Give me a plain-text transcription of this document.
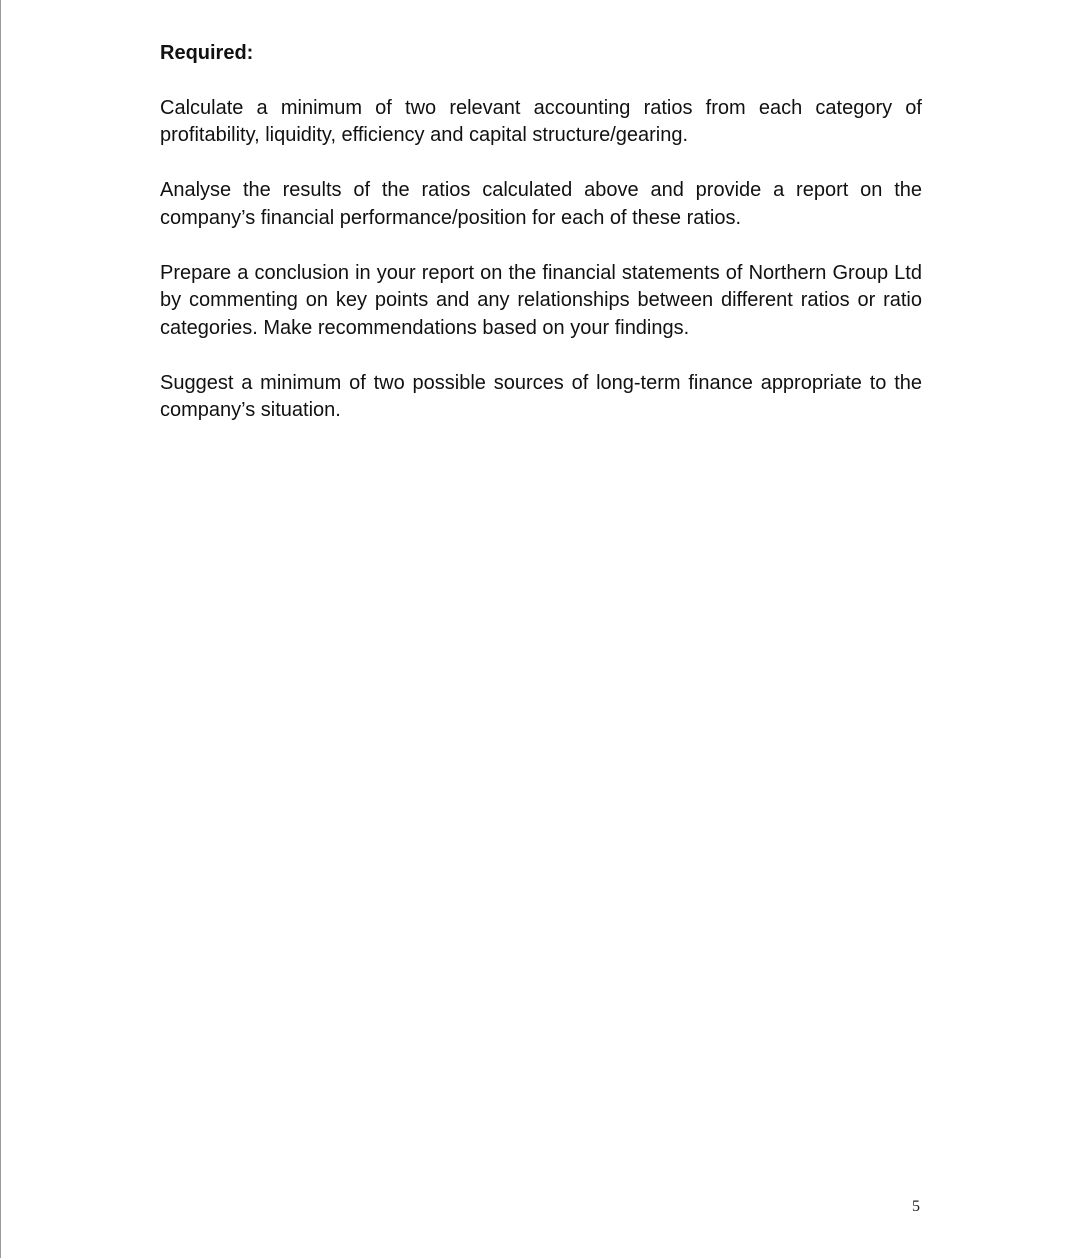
Required:

Calculate a minimum of two relevant accounting ratios from each category of profitability, liquidity, efficiency and capital structure/gearing.

Analyse the results of the ratios calculated above and provide a report on the company’s financial performance/position for each of these ratios.

Prepare a conclusion in your report on the financial statements of Northern Group Ltd by commenting on key points and any relationships between different ratios or ratio categories. Make recommendations based on your findings.

Suggest a minimum of two possible sources of long-term finance appropriate to the company’s situation.

5
